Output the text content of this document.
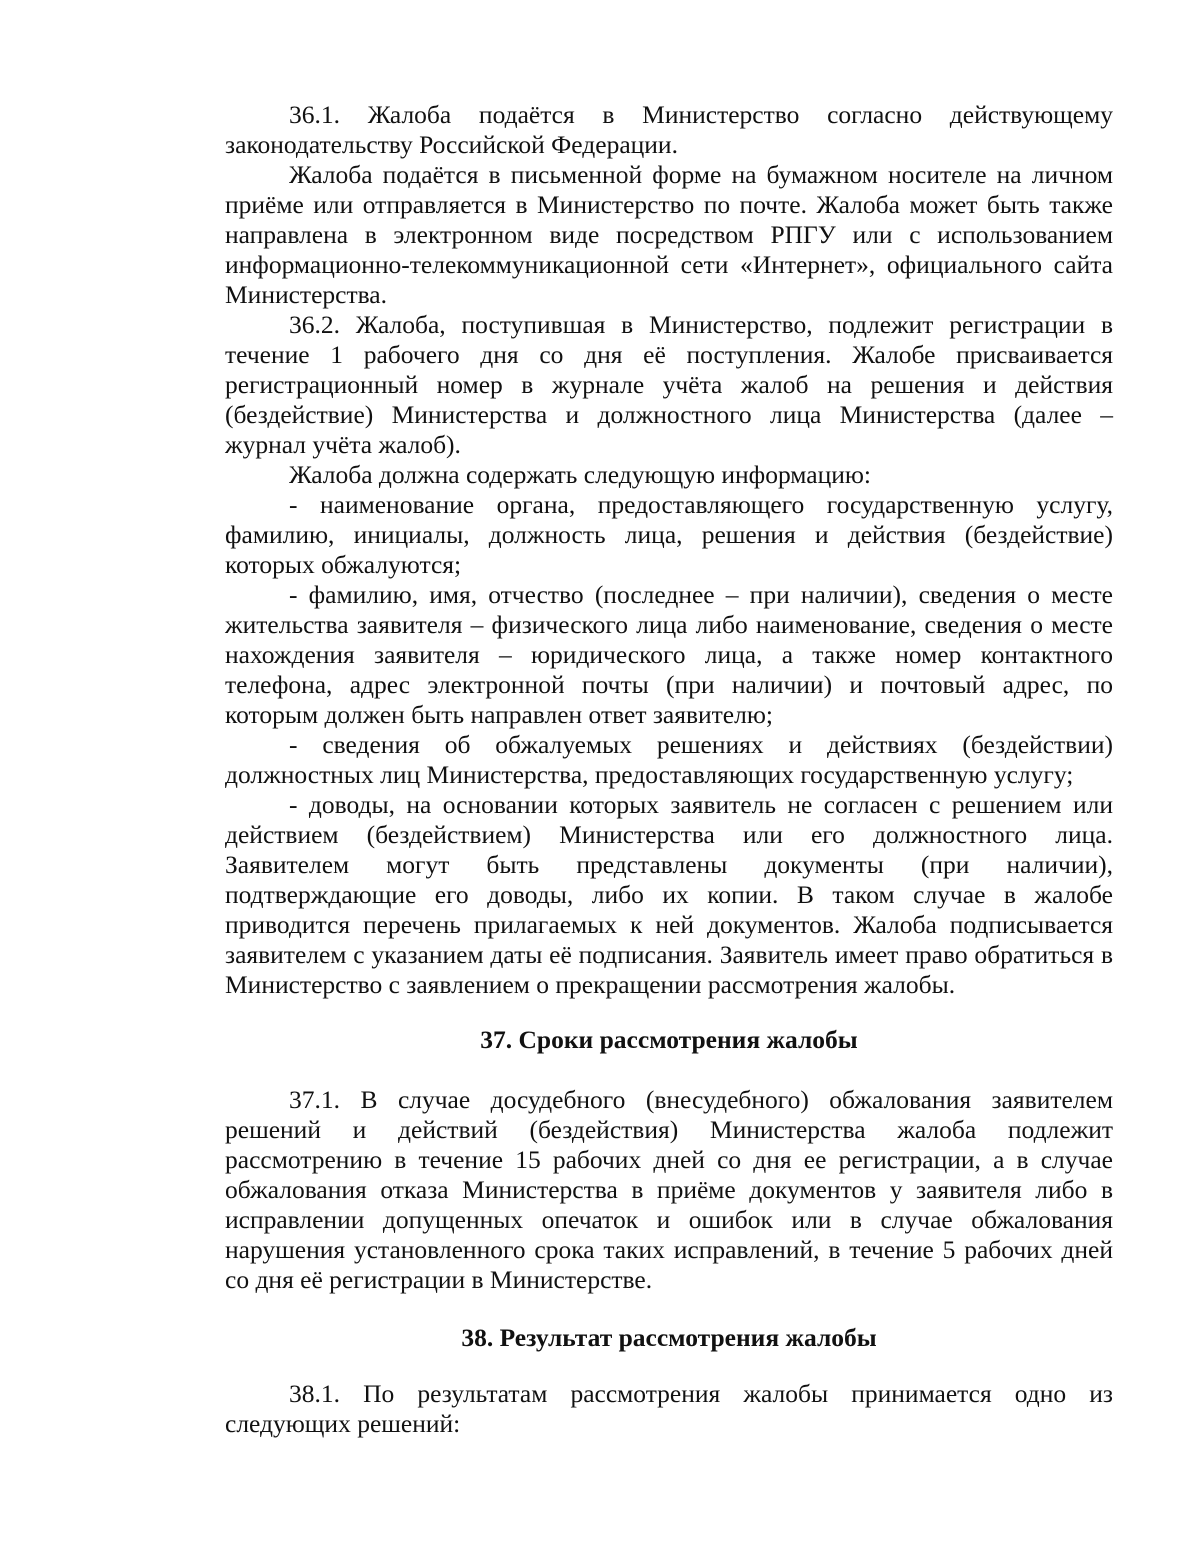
36.1. Жалоба подаётся в Министерство согласно действующему законодательству Российской Федерации.

Жалоба подаётся в письменной форме на бумажном носителе на личном приёме или отправляется в Министерство по почте. Жалоба может быть также направлена в электронном виде посредством РПГУ или с использованием информационно-телекоммуникационной сети «Интернет», официального сайта Министерства.

36.2. Жалоба, поступившая в Министерство, подлежит регистрации в течение 1 рабочего дня со дня её поступления. Жалобе присваивается регистрационный номер в журнале учёта жалоб на решения и действия (бездействие) Министерства и должностного лица Министерства (далее – журнал учёта жалоб).

Жалоба должна содержать следующую информацию:

- наименование органа, предоставляющего государственную услугу, фамилию, инициалы, должность лица, решения и действия (бездействие) которых обжалуются;

- фамилию, имя, отчество (последнее – при наличии), сведения о месте жительства заявителя – физического лица либо наименование, сведения о месте нахождения заявителя – юридического лица, а также номер контактного телефона, адрес электронной почты (при наличии) и почтовый адрес, по которым должен быть направлен ответ заявителю;

- сведения об обжалуемых решениях и действиях (бездействии) должностных лиц Министерства, предоставляющих государственную услугу;

- доводы, на основании которых заявитель не согласен с решением или действием (бездействием) Министерства или его должностного лица. Заявителем могут быть представлены документы (при наличии), подтверждающие его доводы, либо их копии. В таком случае в жалобе приводится перечень прилагаемых к ней документов. Жалоба подписывается заявителем с указанием даты её подписания. Заявитель имеет право обратиться в Министерство с заявлением о прекращении рассмотрения жалобы.

37. Сроки рассмотрения жалобы

37.1. В случае досудебного (внесудебного) обжалования заявителем решений и действий (бездействия) Министерства жалоба подлежит рассмотрению в течение 15 рабочих дней со дня ее регистрации, а в случае обжалования отказа Министерства в приёме документов у заявителя либо в исправлении допущенных опечаток и ошибок или в случае обжалования нарушения установленного срока таких исправлений, в течение 5 рабочих дней со дня её регистрации в Министерстве.

38. Результат рассмотрения жалобы

38.1. По результатам рассмотрения жалобы принимается одно из следующих решений:
